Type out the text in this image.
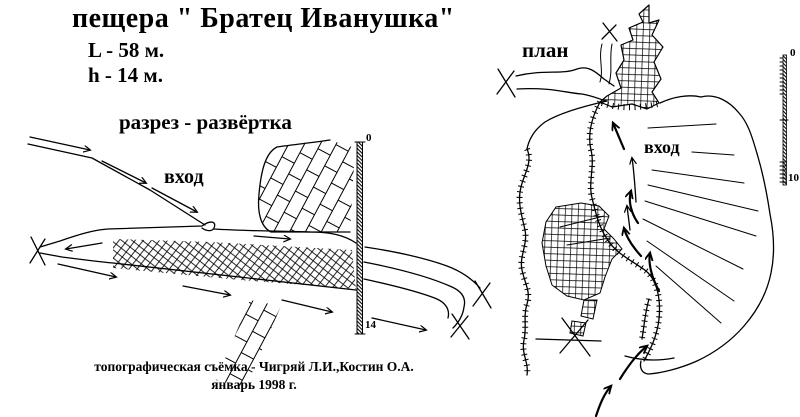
пещера " Братец Иванушка"
L - 58 м.
h - 14 м.
разрез - развёртка
вход
0
14
план
вход
0
10
топографическая съёмка - Чигряй Л.И.,Костин О.А.
январь 1998 г.
